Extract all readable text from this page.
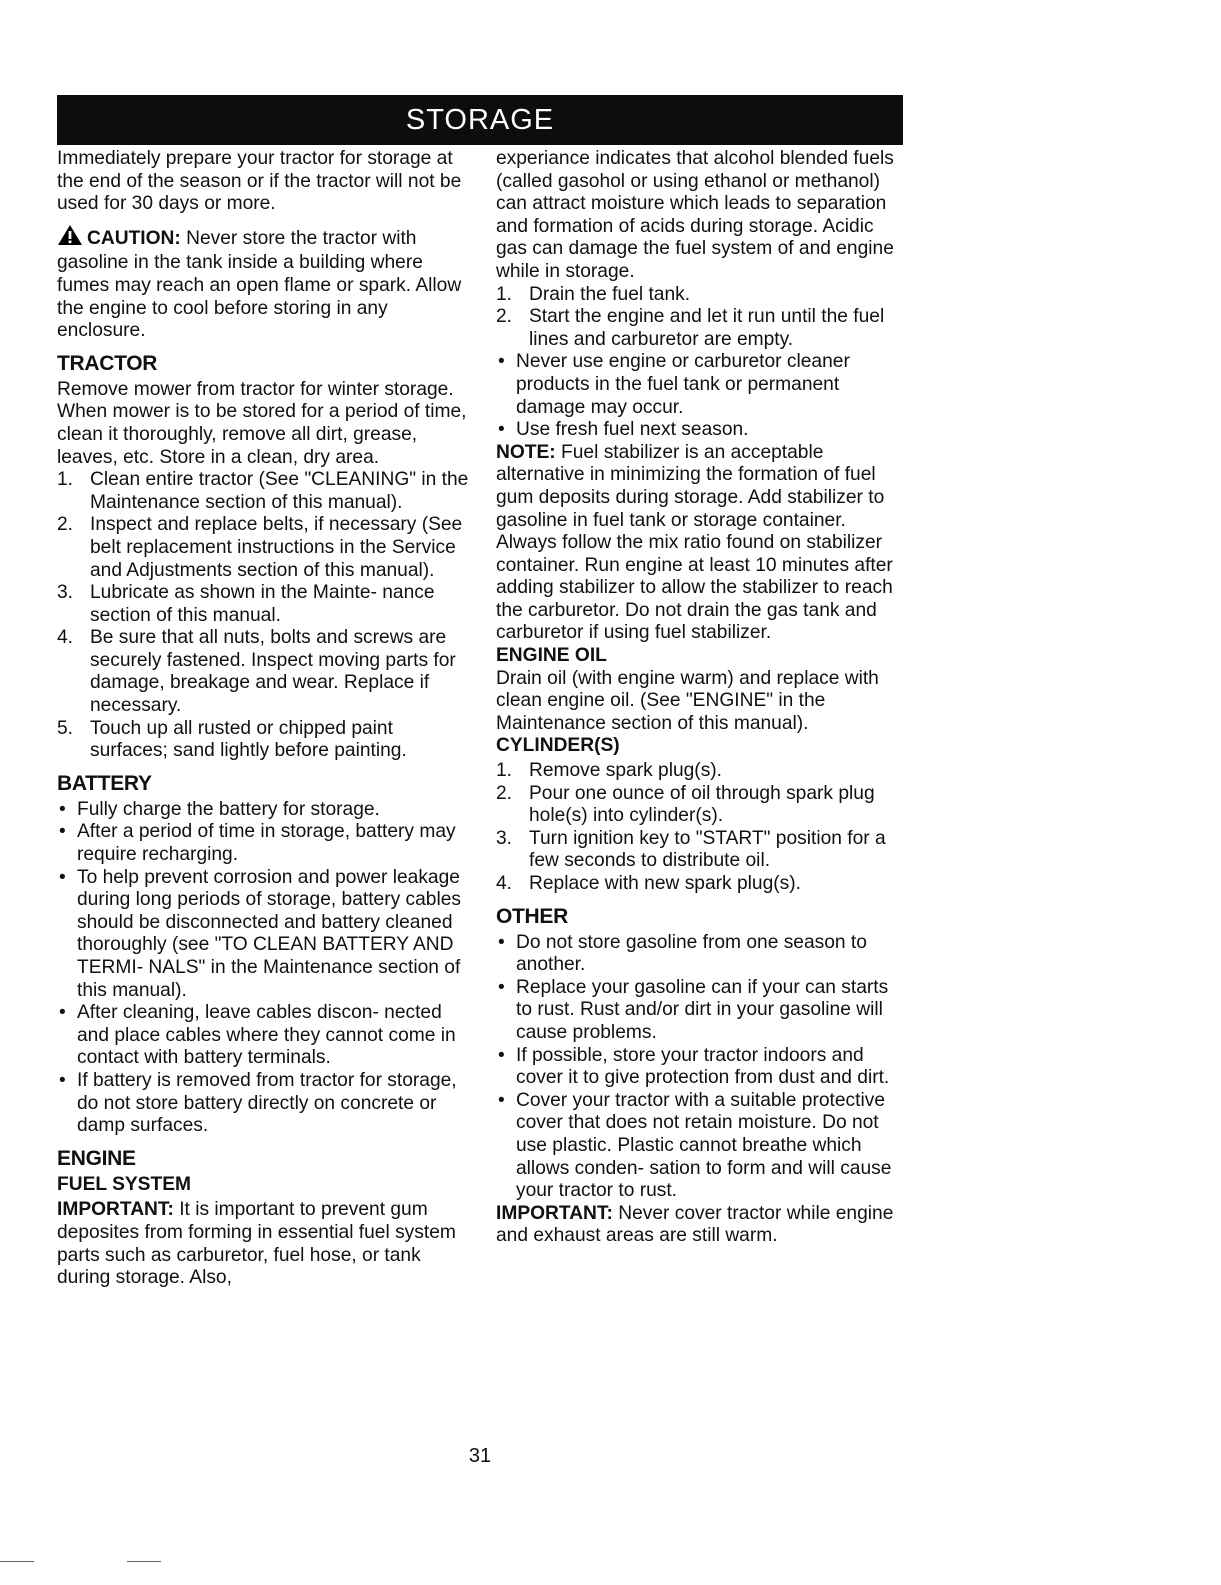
STORAGE

Immediately prepare your tractor for storage at the end of the season or if the tractor will not be used for 30 days or more.

CAUTION: Never store the tractor with gasoline in the tank inside a building where fumes may reach an open flame or spark. Allow the engine to cool before storing in any enclosure.

TRACTOR

Remove mower from tractor for winter storage. When mower is to be stored for a period of time, clean it thoroughly, remove all dirt, grease, leaves, etc. Store in a clean, dry area.

1. Clean entire tractor (See "CLEANING" in the Maintenance section of this manual).
2. Inspect and replace belts, if necessary (See belt replacement instructions in the Service and Adjustments section of this manual).
3. Lubricate as shown in the Mainte- nance section of this manual.
4. Be sure that all nuts, bolts and screws are securely fastened. Inspect moving parts for damage, breakage and wear. Replace if necessary.
5. Touch up all rusted or chipped paint surfaces; sand lightly before painting.
BATTERY
• Fully charge the battery for storage.
• After a period of time in storage, battery may require recharging.
• To help prevent corrosion and power leakage during long periods of storage, battery cables should be disconnected and battery cleaned thoroughly (see "TO CLEAN BATTERY AND TERMI- NALS" in the Maintenance section of this manual).
• After cleaning, leave cables discon- nected and place cables where they cannot come in contact with battery terminals.
• If battery is removed from tractor for storage, do not store battery directly on concrete or damp surfaces.
ENGINE
FUEL SYSTEM

IMPORTANT: It is important to prevent gum deposites from forming in essential fuel system parts such as carburetor, fuel hose, or tank during storage. Also,

experiance indicates that alcohol blended fuels (called gasohol or using ethanol or methanol) can attract moisture which leads to separation and formation of acids during storage. Acidic gas can damage the fuel system of and engine while in storage.

1. Drain the fuel tank.
2. Start the engine and let it run until the fuel lines and carburetor are empty.
• Never use engine or carburetor cleaner products in the fuel tank or permanent damage may occur.
• Use fresh fuel next season.

NOTE: Fuel stabilizer is an acceptable alternative in minimizing the formation of fuel gum deposits during storage. Add stabilizer to gasoline in fuel tank or storage container. Always follow the mix ratio found on stabilizer container. Run engine at least 10 minutes after adding stabilizer to allow the stabilizer to reach the carburetor. Do not drain the gas tank and carburetor if using fuel stabilizer.

ENGINE OIL

Drain oil (with engine warm) and replace with clean engine oil. (See "ENGINE" in the Maintenance section of this manual).

CYLINDER(S)
1. Remove spark plug(s).
2. Pour one ounce of oil through spark plug hole(s) into cylinder(s).
3. Turn ignition key to "START" position for a few seconds to distribute oil.
4. Replace with new spark plug(s).
OTHER
• Do not store gasoline from one season to another.
• Replace your gasoline can if your can starts to rust. Rust and/or dirt in your gasoline will cause problems.
• If possible, store your tractor indoors and cover it to give protection from dust and dirt.
• Cover your tractor with a suitable protective cover that does not retain moisture. Do not use plastic. Plastic cannot breathe which allows conden- sation to form and will cause your tractor to rust.

IMPORTANT: Never cover tractor while engine and exhaust areas are still warm.

31
